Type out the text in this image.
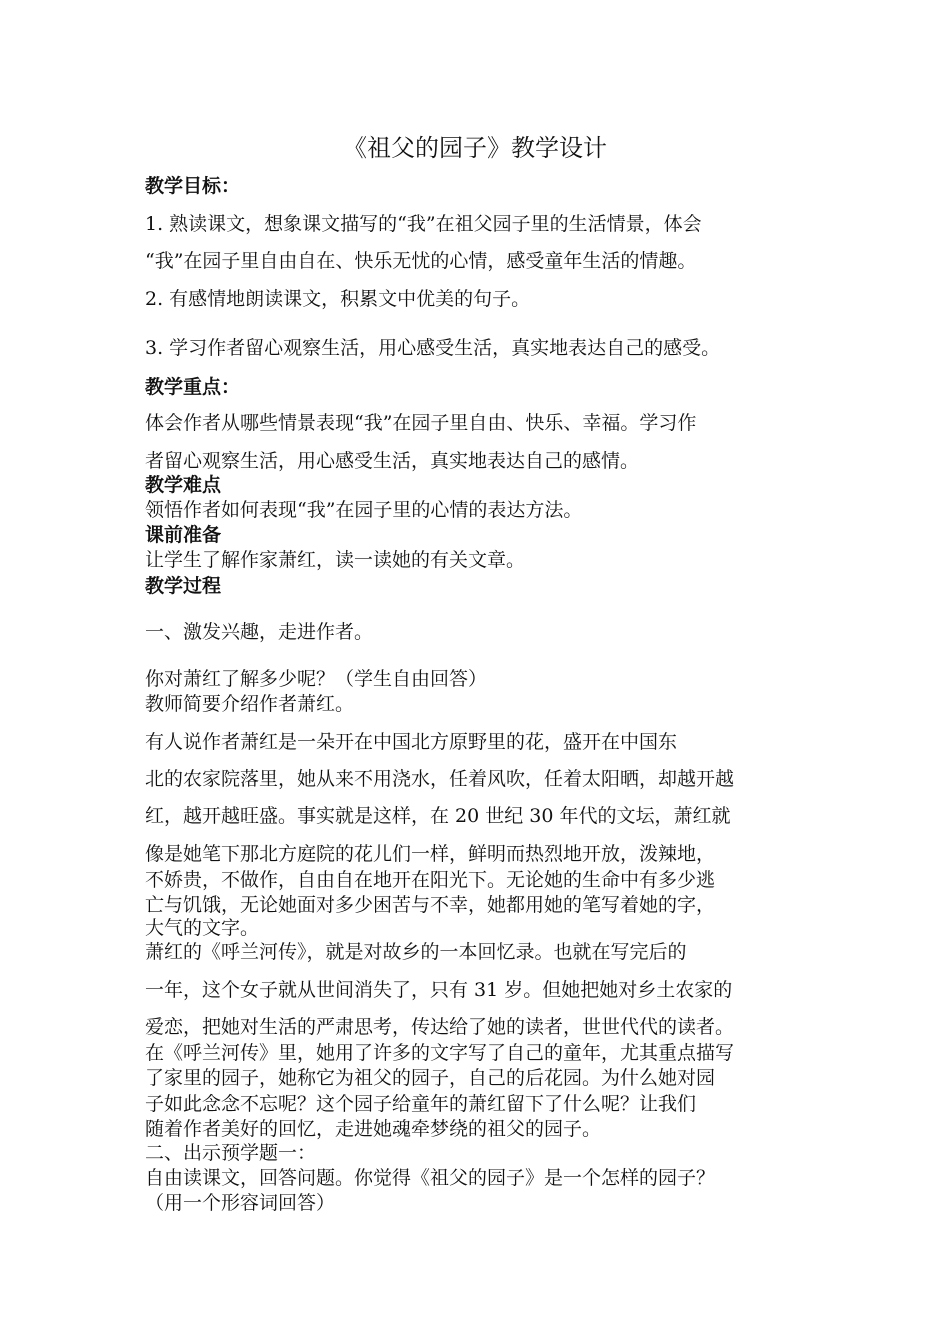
《祖父的园子》教学设计
教学目标：
1. 熟读课文，想象课文描写的“我”在祖父园子里的生活情景，体会
“我”在园子里自由自在、快乐无忧的心情，感受童年生活的情趣。
2. 有感情地朗读课文，积累文中优美的句子。
3. 学习作者留心观察生活，用心感受生活，真实地表达自己的感受。
教学重点：
体会作者从哪些情景表现“我”在园子里自由、快乐、幸福。学习作
者留心观察生活，用心感受生活，真实地表达自己的感情。
教学难点
领悟作者如何表现“我”在园子里的心情的表达方法。
课前准备
让学生了解作家萧红，读一读她的有关文章。
教学过程
一、激发兴趣，走进作者。
你对萧红了解多少呢？（学生自由回答）
教师简要介绍作者萧红。
有人说作者萧红是一朵开在中国北方原野里的花，盛开在中国东
北的农家院落里，她从来不用浇水，任着风吹，任着太阳晒，却越开越
红，越开越旺盛。事实就是这样，在 20 世纪 30 年代的文坛，萧红就
像是她笔下那北方庭院的花儿们一样，鲜明而热烈地开放，泼辣地，
不娇贵，不做作，自由自在地开在阳光下。无论她的生命中有多少逃
亡与饥饿，无论她面对多少困苦与不幸，她都用她的笔写着她的字，
大气的文字。
萧红的《呼兰河传》，就是对故乡的一本回忆录。也就在写完后的
一年，这个女子就从世间消失了，只有 31 岁。但她把她对乡土农家的
爱恋，把她对生活的严肃思考，传达给了她的读者，世世代代的读者。
在《呼兰河传》里，她用了许多的文字写了自己的童年，尤其重点描写
了家里的园子，她称它为祖父的园子，自己的后花园。为什么她对园
子如此念念不忘呢？这个园子给童年的萧红留下了什么呢？让我们
随着作者美好的回忆，走进她魂牵梦绕的祖父的园子。
二、出示预学题一：
自由读课文，回答问题。你觉得《祖父的园子》是一个怎样的园子？
（用一个形容词回答）
